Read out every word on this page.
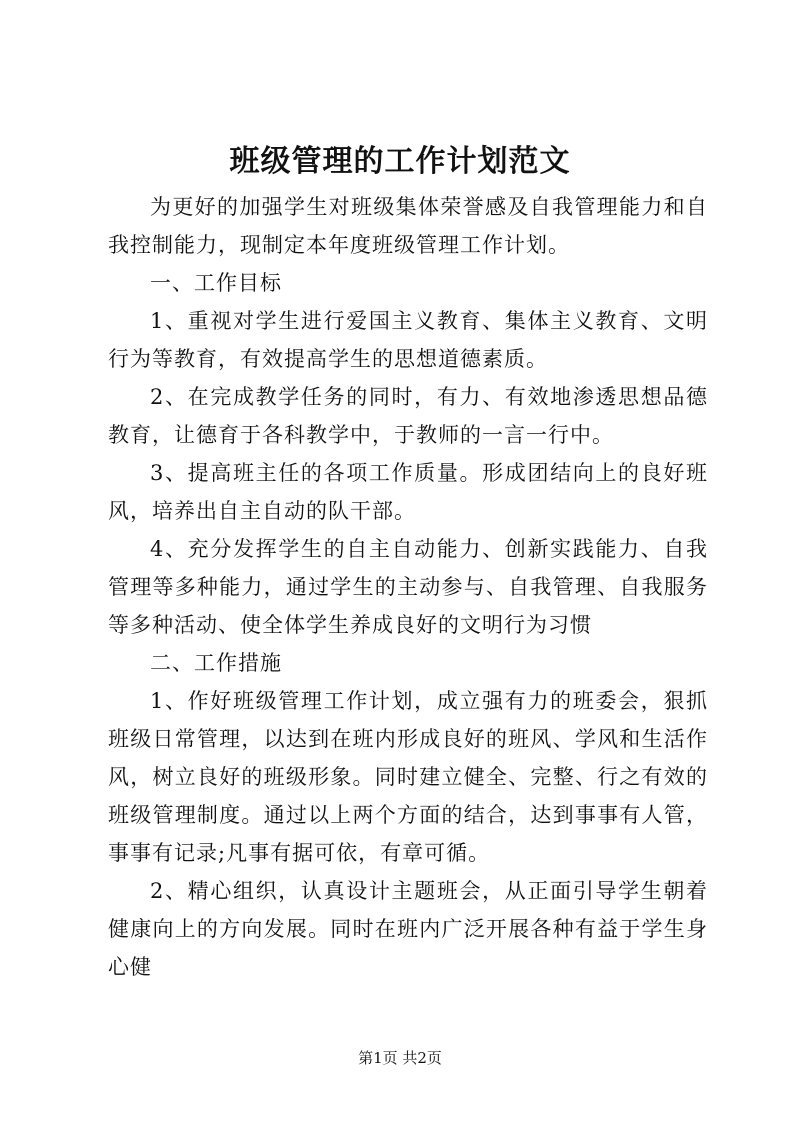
班级管理的工作计划范文

为更好的加强学生对班级集体荣誉感及自我管理能力和自我控制能力，现制定本年度班级管理工作计划。

一、工作目标

1、重视对学生进行爱国主义教育、集体主义教育、文明行为等教育，有效提高学生的思想道德素质。

2、在完成教学任务的同时，有力、有效地渗透思想品德教育，让德育于各科教学中，于教师的一言一行中。

3、提高班主任的各项工作质量。形成团结向上的良好班风，培养出自主自动的队干部。

4、充分发挥学生的自主自动能力、创新实践能力、自我管理等多种能力，通过学生的主动参与、自我管理、自我服务等多种活动、使全体学生养成良好的文明行为习惯

二、工作措施

1、作好班级管理工作计划，成立强有力的班委会，狠抓班级日常管理，以达到在班内形成良好的班风、学风和生活作风，树立良好的班级形象。同时建立健全、完整、行之有效的班级管理制度。通过以上两个方面的结合，达到事事有人管，事事有记录;凡事有据可依，有章可循。

2、精心组织，认真设计主题班会，从正面引导学生朝着健康向上的方向发展。同时在班内广泛开展各种有益于学生身心健

第1页 共2页
